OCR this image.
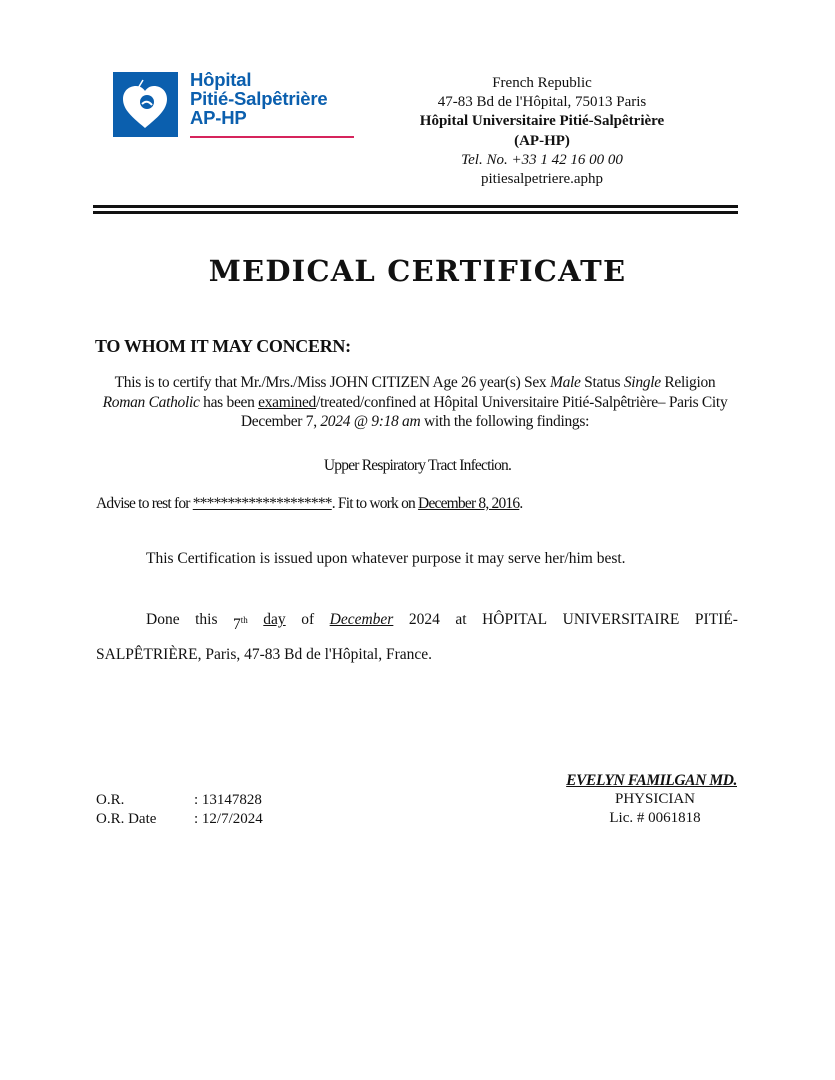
Hôpital
Pitié-Salpêtrière
AP-HP
French Republic
47-83 Bd de l'Hôpital, 75013 Paris
Hôpital Universitaire Pitié-Salpêtrière
(AP-HP)
Tel. No. +33 1 42 16 00 00
pitiesalpetriere.aphp
MEDICAL CERTIFICATE
TO WHOM IT MAY CONCERN:
This is to certify that Mr./Mrs./Miss JOHN CITIZEN Age 26 year(s) Sex Male Status Single Religion Roman Catholic has been examined/treated/confined at Hôpital Universitaire Pitié-Salpêtrière– Paris City December 7, 2024 @ 9:18 am with the following findings:
Upper Respiratory Tract Infection.
Advise to rest for ********************. Fit to work on December 8, 2016.
This Certification is issued upon whatever purpose it may serve her/him best.
Done this 7th day of December 2024 at HÔPITAL UNIVERSITAIRE PITIÉ-
SALPÊTRIÈRE, Paris, 47-83 Bd de l'Hôpital, France.
EVELYN FAMILGAN MD.
PHYSICIAN
Lic. # 0061818
O.R.	: 13147828
O.R. Date	: 12/7/2024
